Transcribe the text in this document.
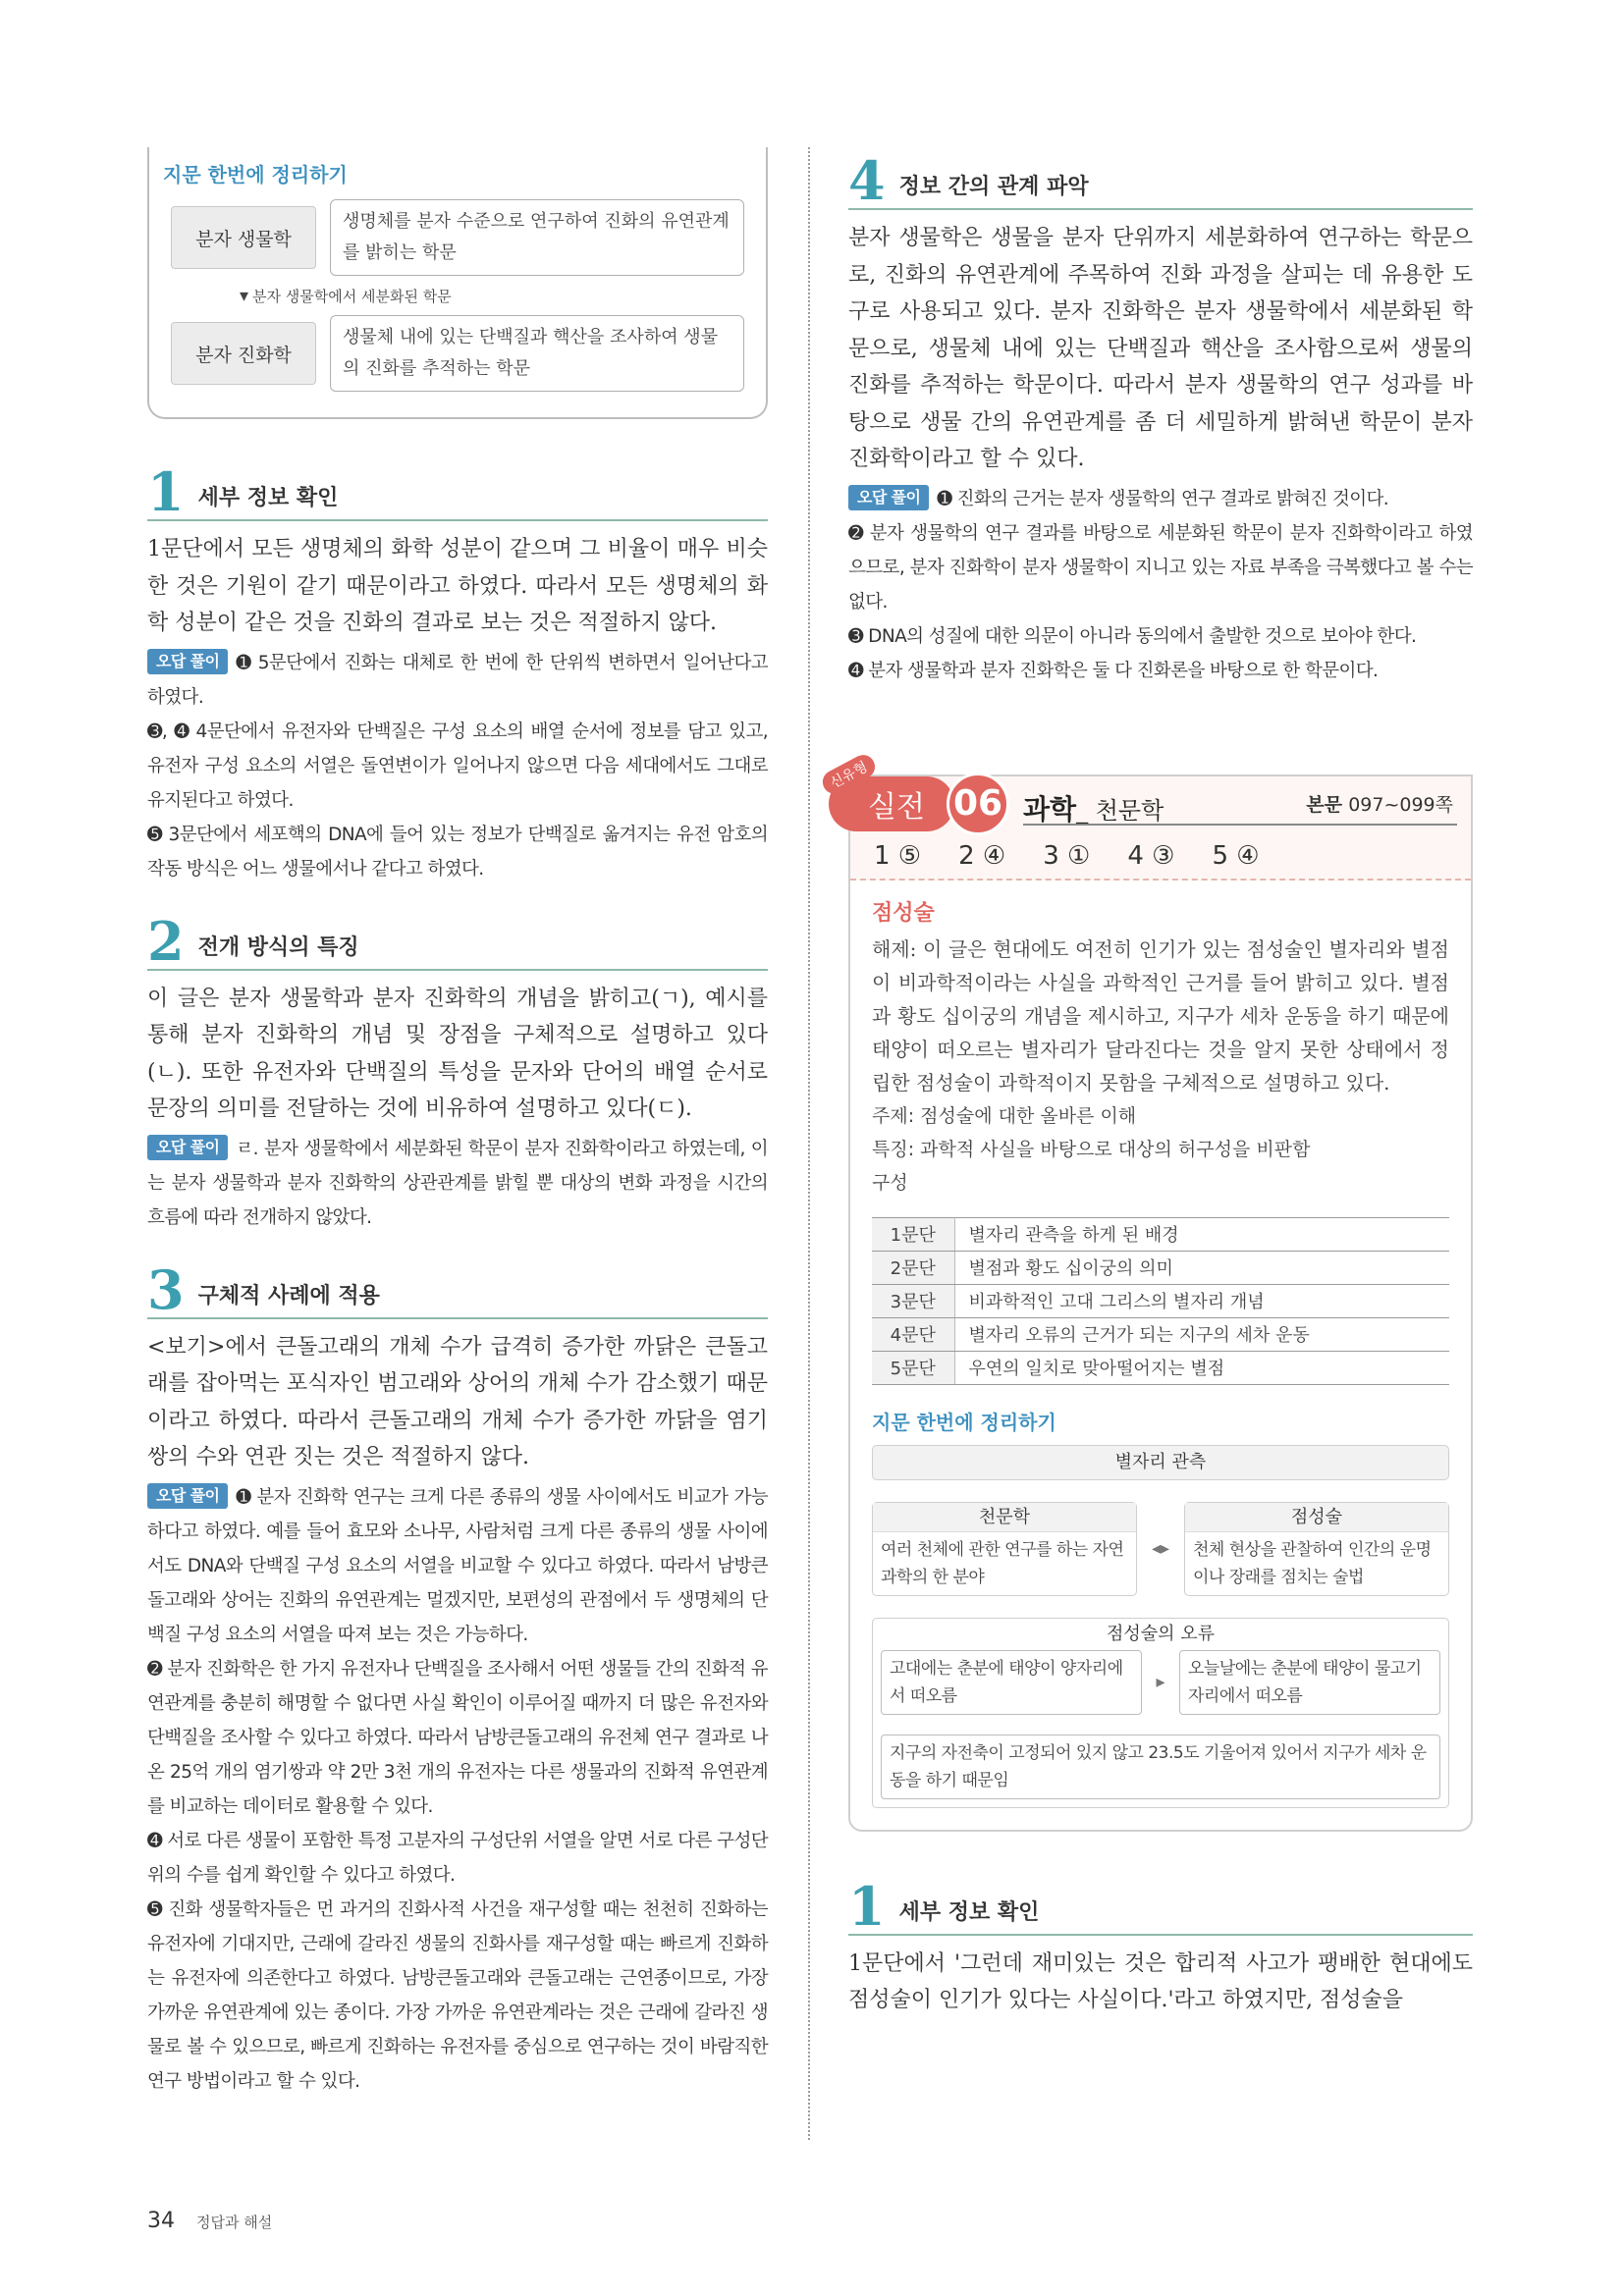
지문 한번에 정리하기
분자 생물학
생명체를 분자 수준으로 연구하여 진화의 유연관계를 밝히는 학문
▾ 분자 생물학에서 세분화된 학문
분자 진화학
생물체 내에 있는 단백질과 핵산을 조사하여 생물의 진화를 추적하는 학문
1 세부 정보 확인
1문단에서 모든 생명체의 화학 성분이 같으며 그 비율이 매우 비슷한 것은 기원이 같기 때문이라고 하였다. 따라서 모든 생명체의 화학 성분이 같은 것을 진화의 결과로 보는 것은 적절하지 않다.
오답 풀이 ➊ 5문단에서 진화는 대체로 한 번에 한 단위씩 변하면서 일어난다고 하였다.
➌, ➍ 4문단에서 유전자와 단백질은 구성 요소의 배열 순서에 정보를 담고 있고, 유전자 구성 요소의 서열은 돌연변이가 일어나지 않으면 다음 세대에서도 그대로 유지된다고 하였다.
➎ 3문단에서 세포핵의 DNA에 들어 있는 정보가 단백질로 옮겨지는 유전 암호의 작동 방식은 어느 생물에서나 같다고 하였다.
2 전개 방식의 특징
이 글은 분자 생물학과 분자 진화학의 개념을 밝히고(ㄱ), 예시를 통해 분자 진화학의 개념 및 장점을 구체적으로 설명하고 있다(ㄴ). 또한 유전자와 단백질의 특성을 문자와 단어의 배열 순서로 문장의 의미를 전달하는 것에 비유하여 설명하고 있다(ㄷ).
오답 풀이 ㄹ. 분자 생물학에서 세분화된 학문이 분자 진화학이라고 하였는데, 이는 분자 생물학과 분자 진화학의 상관관계를 밝힐 뿐 대상의 변화 과정을 시간의 흐름에 따라 전개하지 않았다.
3 구체적 사례에 적용
<보기>에서 큰돌고래의 개체 수가 급격히 증가한 까닭은 큰돌고래를 잡아먹는 포식자인 범고래와 상어의 개체 수가 감소했기 때문이라고 하였다. 따라서 큰돌고래의 개체 수가 증가한 까닭을 염기쌍의 수와 연관 짓는 것은 적절하지 않다.
오답 풀이 ➊ 분자 진화학 연구는 크게 다른 종류의 생물 사이에서도 비교가 가능하다고 하였다. 예를 들어 효모와 소나무, 사람처럼 크게 다른 종류의 생물 사이에서도 DNA와 단백질 구성 요소의 서열을 비교할 수 있다고 하였다. 따라서 남방큰돌고래와 상어는 진화의 유연관계는 멀겠지만, 보편성의 관점에서 두 생명체의 단백질 구성 요소의 서열을 따져 보는 것은 가능하다.
➋ 분자 진화학은 한 가지 유전자나 단백질을 조사해서 어떤 생물들 간의 진화적 유연관계를 충분히 해명할 수 없다면 사실 확인이 이루어질 때까지 더 많은 유전자와 단백질을 조사할 수 있다고 하였다. 따라서 남방큰돌고래의 유전체 연구 결과로 나온 25억 개의 염기쌍과 약 2만 3천 개의 유전자는 다른 생물과의 진화적 유연관계를 비교하는 데이터로 활용할 수 있다.
➍ 서로 다른 생물이 포함한 특정 고분자의 구성단위 서열을 알면 서로 다른 구성단위의 수를 쉽게 확인할 수 있다고 하였다.
➎ 진화 생물학자들은 먼 과거의 진화사적 사건을 재구성할 때는 천천히 진화하는 유전자에 기대지만, 근래에 갈라진 생물의 진화사를 재구성할 때는 빠르게 진화하는 유전자에 의존한다고 하였다. 남방큰돌고래와 큰돌고래는 근연종이므로, 가장 가까운 유연관계에 있는 종이다. 가장 가까운 유연관계라는 것은 근래에 갈라진 생물로 볼 수 있으므로, 빠르게 진화하는 유전자를 중심으로 연구하는 것이 바람직한 연구 방법이라고 할 수 있다.
4 정보 간의 관계 파악
분자 생물학은 생물을 분자 단위까지 세분화하여 연구하는 학문으로, 진화의 유연관계에 주목하여 진화 과정을 살피는 데 유용한 도구로 사용되고 있다. 분자 진화학은 분자 생물학에서 세분화된 학문으로, 생물체 내에 있는 단백질과 핵산을 조사함으로써 생물의 진화를 추적하는 학문이다. 따라서 분자 생물학의 연구 성과를 바탕으로 생물 간의 유연관계를 좀 더 세밀하게 밝혀낸 학문이 분자 진화학이라고 할 수 있다.
오답 풀이 ➊ 진화의 근거는 분자 생물학의 연구 결과로 밝혀진 것이다.
➋ 분자 생물학의 연구 결과를 바탕으로 세분화된 학문이 분자 진화학이라고 하였으므로, 분자 진화학이 분자 생물학이 지니고 있는 자료 부족을 극복했다고 볼 수는 없다.
➌ DNA의 성질에 대한 의문이 아니라 동의에서 출발한 것으로 보아야 한다.
➍ 분자 생물학과 분자 진화학은 둘 다 진화론을 바탕으로 한 학문이다.
실전
신유형
06 과학_ 천문학	본문 097~099쪽
1 ⑤ 2 ④ 3 ① 4 ③ 5 ④
점성술
해제: 이 글은 현대에도 여전히 인기가 있는 점성술인 별자리와 별점이 비과학적이라는 사실을 과학적인 근거를 들어 밝히고 있다. 별점과 황도 십이궁의 개념을 제시하고, 지구가 세차 운동을 하기 때문에 태양이 떠오르는 별자리가 달라진다는 것을 알지 못한 상태에서 정립한 점성술이 과학적이지 못함을 구체적으로 설명하고 있다.
주제: 점성술에 대한 올바른 이해
특징: 과학적 사실을 바탕으로 대상의 허구성을 비판함
구성
1문단	별자리 관측을 하게 된 배경
2문단	별점과 황도 십이궁의 의미
3문단	비과학적인 고대 그리스의 별자리 개념
4문단	별자리 오류의 근거가 되는 지구의 세차 운동
5문단	우연의 일치로 맞아떨어지는 별점
지문 한번에 정리하기
별자리 관측
천문학
여러 천체에 관한 연구를 하는 자연 과학의 한 분야
◂▸
점성술
천체 현상을 관찰하여 인간의 운명이나 장래를 점치는 술법
점성술의 오류
고대에는 춘분에 태양이 양자리에서 떠오름
▸
오늘날에는 춘분에 태양이 물고기자리에서 떠오름
지구의 자전축이 고정되어 있지 않고 23.5도 기울어져 있어서 지구가 세차 운동을 하기 때문임
1 세부 정보 확인
1문단에서 '그런데 재미있는 것은 합리적 사고가 팽배한 현대에도 점성술이 인기가 있다는 사실이다.'라고 하였지만, 점성술을
34 정답과 해설
